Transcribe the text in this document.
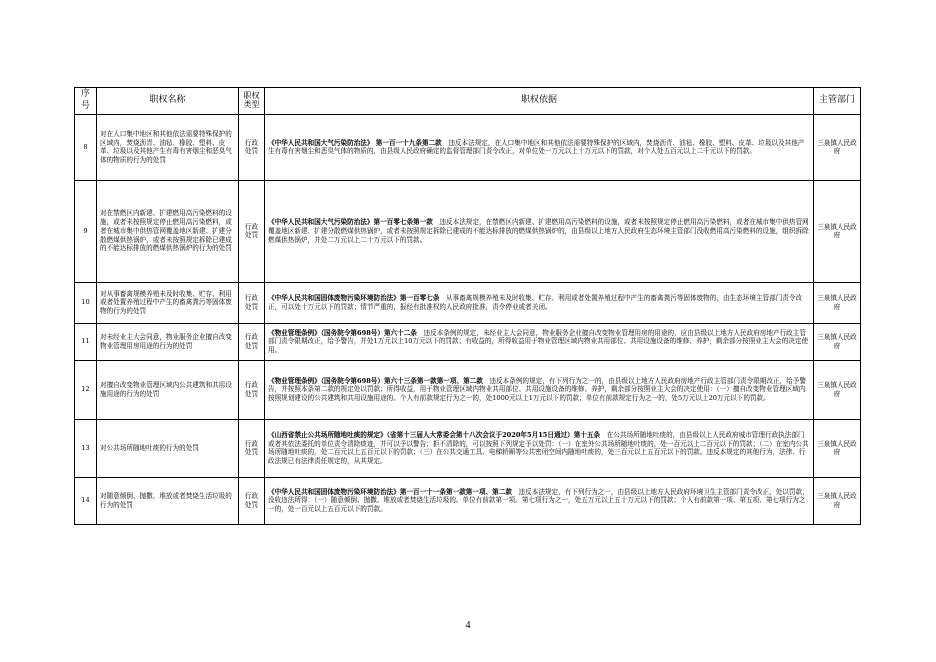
序号	职权名称	职权类型	职权依据	主管部门
8	对在人口集中地区和其他依法需要特殊保护的区域内，焚烧沥青、油毡、橡胶、塑料、皮革、垃圾以及其他产生有毒有害烟尘和恶臭气体的物质的行为的处罚	行政处罚	《中华人民共和国大气污染防治法》 第一百一十九条第二款　 违反本法规定，在人口集中地区和其他依法需要特殊保护的区域内，焚烧沥青、油毡、橡胶、塑料、皮革、垃圾以及其他产生有毒有害烟尘和恶臭气体的物质的，由县级人民政府确定的监督管理部门责令改正，对单位处一万元以上十万元以下的罚款，对个人处五百元以上二千元以下的罚款。	三泉镇人民政府
9	对在禁燃区内新建、扩建燃用高污染燃料的设施，或者未按照规定停止燃用高污染燃料，或者在城市集中供热管网覆盖地区新建、扩建分散燃煤供热锅炉，或者未按照规定拆除已建成的不能达标排放的燃煤供热锅炉的行为的处罚	行政处罚	《中华人民共和国大气污染防治法》第一百零七条第一款　 违反本法规定，在禁燃区内新建、扩建燃用高污染燃料的设施，或者未按照规定停止燃用高污染燃料，或者在城市集中供热管网覆盖地区新建、扩建分散燃煤供热锅炉，或者未按照规定拆除已建成的不能达标排放的燃煤供热锅炉的，由县级以上地方人民政府生态环境主管部门没收燃用高污染燃料的设施，组织拆除燃煤供热锅炉，并处二万元以上二十万元以下的罚款。	三泉镇人民政府
10	对从事畜禽规模养殖未及时收集、贮存、利用或者处置养殖过程中产生的畜禽粪污等固体废物的行为的处罚	行政处罚	《中华人民共和国固体废物污染环境防治法》第一百零七条　 从事畜禽规模养殖未及时收集、贮存、利用或者处置养殖过程中产生的畜禽粪污等固体废物的，由生态环境主管部门责令改正，可以处十万元以下的罚款；情节严重的，报经有批准权的人民政府批准，责令停业或者关闭。	三泉镇人民政府
11	对未经业主大会同意，物业服务企业擅自改变物业管理用房用途的行为的处罚	行政处罚	《物业管理条例》（国务院令第698号）第六十二条　 违反本条例的规定，未经业主大会同意，物业服务企业擅自改变物业管理用房的用途的，应由县级以上地方人民政府房地产行政主管部门责令限期改正，给予警告，并处1万元以上10万元以下的罚款；有收益的，所得收益用于物业管理区域内物业共用部位、共用设施设备的维修、养护，剩余部分按照业主大会的决定使用。	三泉镇人民政府
12	对擅自改变物业管理区域内公共建筑和共用设施用途的行为的处罚	行政处罚	《物业管理条例》（国务院令第698号）第六十三条第一款第一项、第二款　 违反本条例的规定，有下列行为之一的，由县级以上地方人民政府房地产行政主管部门责令限期改正，给予警告，并按照本条第二款的规定处以罚款；所得收益，用于物业管理区域内物业共用部位、共用设施设备的维修、养护，剩余部分按照业主大会的决定使用：（一）擅自改变物业管理区域内按照规划建设的公共建筑和共用设施用途的。个人有前款规定行为之一的，处1000元以上1万元以下的罚款；单位有前款规定行为之一的，处5万元以上20万元以下的罚款。	三泉镇人民政府
13	对公共场所随地吐痰的行为的处罚	行政处罚	《山西省禁止公共场所随地吐痰的规定》（省第十三届人大常委会第十八次会议于2020年5月15日通过）第十五条　 在公共场所随地吐痰的，由县级以上人民政府城市管理行政执法部门或者其依法委托的单位责令清除痰迹，并可以予以警告；拒不清除的，可以按照下列规定予以处罚：（一）在室外公共场所随地吐痰的，处一百元以上二百元以下的罚款；（二）在室内公共场所随地吐痰的，处二百元以上五百元以下的罚款；（三）在公共交通工具、电梯轿厢等公共密闭空间内随地吐痰的，处三百元以上五百元以下的罚款。违反本规定的其他行为，法律、行政法规已有法律责任规定的，从其规定。	三泉镇人民政府
14	对随意倾倒、抛撒、堆放或者焚烧生活垃圾的行为的处罚	行政处罚	《中华人民共和国固体废物污染环境防治法》第一百一十一条第一款第一项、第二款　 违反本法规定，有下列行为之一，由县级以上地方人民政府环境卫生主管部门责令改正，处以罚款，没收违法所得：（一）随意倾倒、抛撒、堆放或者焚烧生活垃圾的。单位有前款第一项、第七项行为之一，处五万元以上五十万元以下的罚款；个人有前款第一项、第五项、第七项行为之一的，处一百元以上五百元以下的罚款。	三泉镇人民政府
4
